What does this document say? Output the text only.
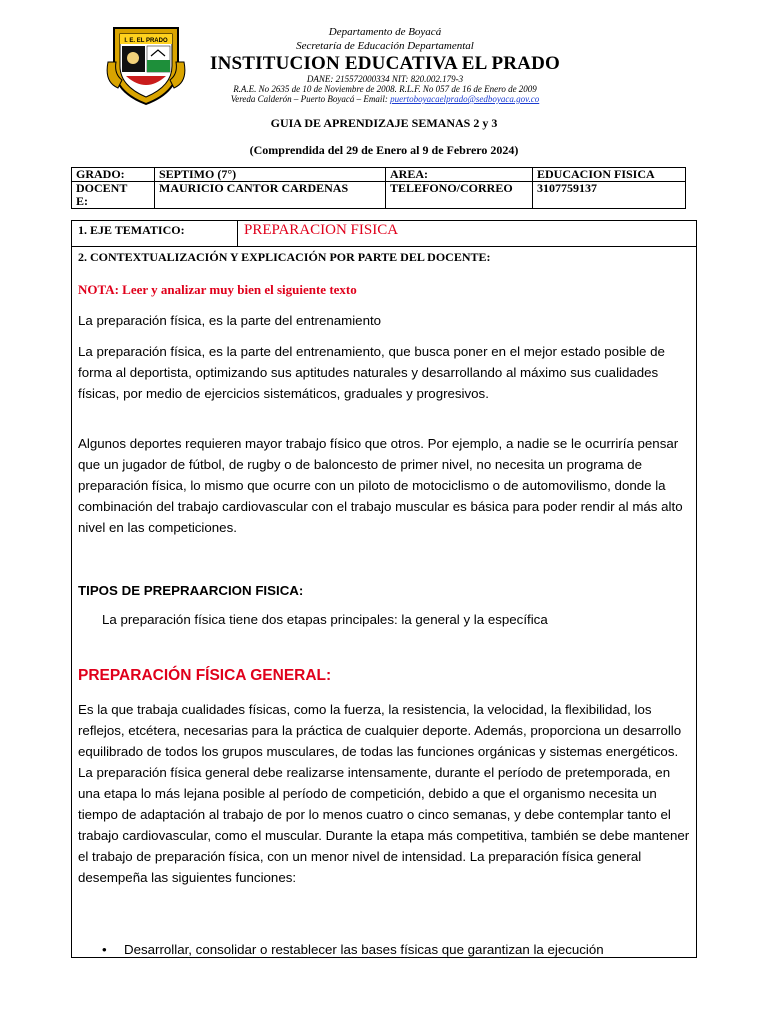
I. E. EL PRADO
Departamento de Boyacá
Secretaría de Educación Departamental
INSTITUCION EDUCATIVA EL PRADO
DANE: 215572000334 NIT: 820.002.179-3
R.A.E. No 2635 de 10 de Noviembre de 2008. R.L.F. No 057 de 16 de Enero de 2009
Vereda Calderón – Puerto Boyacá – Email: puertoboyacaelprado@sedboyaca.gov.co
GUIA DE APRENDIZAJE SEMANAS 2 y 3
(Comprendida del 29 de Enero al 9 de Febrero 2024)
GRADO:	SEPTIMO (7°)	AREA:	EDUCACION FISICA
DOCENT
E:	MAURICIO CANTOR CARDENAS	TELEFONO/CORREO	3107759137
1. EJE TEMATICO:	PREPARACION FISICA
2. CONTEXTUALIZACIÓN Y EXPLICACIÓN POR PARTE DEL DOCENTE:
NOTA: Leer y analizar muy bien el siguiente texto
La preparación física, es la parte del entrenamiento
La preparación física, es la parte del entrenamiento, que busca poner en el mejor estado posible de forma al deportista, optimizando sus aptitudes naturales y desarrollando al máximo sus cualidades físicas, por medio de ejercicios sistemáticos, graduales y progresivos.
Algunos deportes requieren mayor trabajo físico que otros. Por ejemplo, a nadie se le ocurriría pensar que un jugador de fútbol, de rugby o de baloncesto de primer nivel, no necesita un programa de preparación física, lo mismo que ocurre con un piloto de motociclismo o de automovilismo, donde la combinación del trabajo cardiovascular con el trabajo muscular es básica para poder rendir al más alto nivel en las competiciones.
TIPOS DE PREPRAARCION FISICA:
La preparación física tiene dos etapas principales: la general y la específica
PREPARACIÓN FÍSICA GENERAL:
Es la que trabaja cualidades físicas, como la fuerza, la resistencia, la velocidad, la flexibilidad, los reflejos, etcétera, necesarias para la práctica de cualquier deporte. Además, proporciona un desarrollo equilibrado de todos los grupos musculares, de todas las funciones orgánicas y sistemas energéticos. La preparación física general debe realizarse intensamente, durante el período de pretemporada, en una etapa lo más lejana posible al período de competición, debido a que el organismo necesita un tiempo de adaptación al trabajo de por lo menos cuatro o cinco semanas, y debe contemplar tanto el trabajo cardiovascular, como el muscular. Durante la etapa más competitiva, también se debe mantener el trabajo de preparación física, con un menor nivel de intensidad. La preparación física general desempeña las siguientes funciones:
• Desarrollar, consolidar o restablecer las bases físicas que garantizan la ejecución
